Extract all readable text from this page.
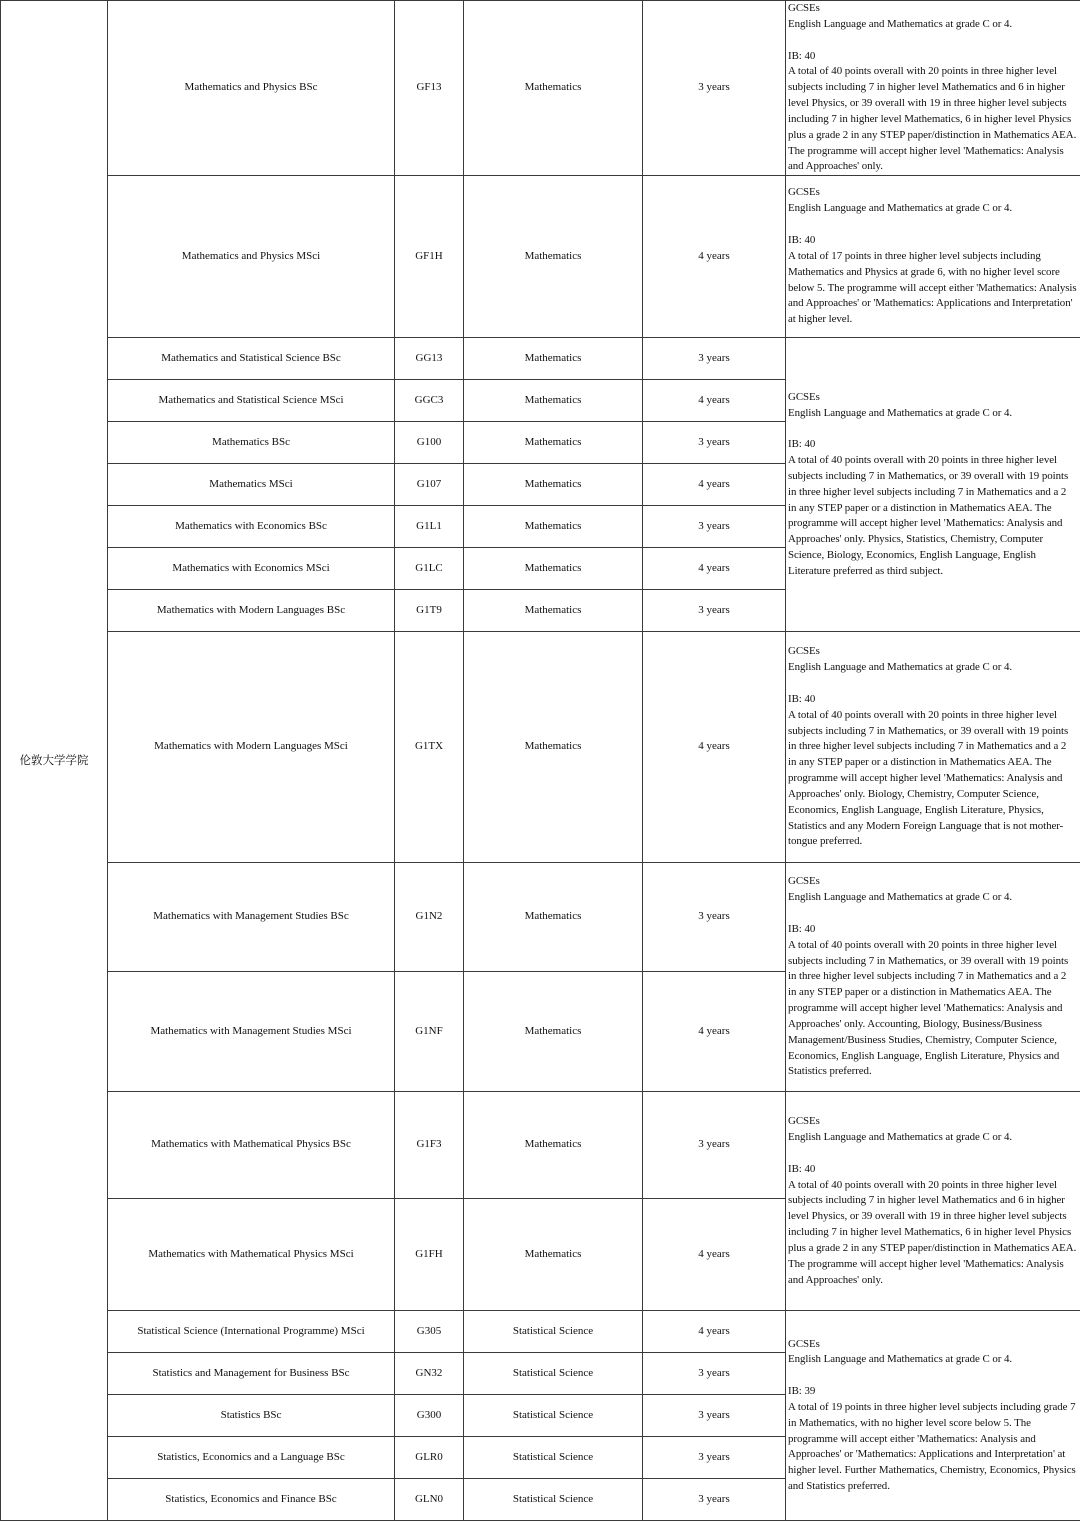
伦敦大学学院	Mathematics and Physics BSc	GF13	Mathematics	3 years	GCSEs
English Language and Mathematics at grade C or 4.

IB: 40
A total of 40 points overall with 20 points in three higher level subjects including 7 in higher level Mathematics and 6 in higher level Physics, or 39 overall with 19 in three higher level subjects including 7 in higher level Mathematics, 6 in higher level Physics plus a grade 2 in any STEP paper/distinction in Mathematics AEA. The programme will accept higher level 'Mathematics: Analysis and Approaches' only.
	Mathematics and Physics MSci	GF1H	Mathematics	4 years	GCSEs
English Language and Mathematics at grade C or 4.

IB: 40
A total of 17 points in three higher level subjects including Mathematics and Physics at grade 6, with no higher level score below 5. The programme will accept either 'Mathematics: Analysis and Approaches' or 'Mathematics: Applications and Interpretation' at higher level.
	Mathematics and Statistical Science BSc	GG13	Mathematics	3 years	GCSEs
English Language and Mathematics at grade C or 4.

IB: 40
A total of 40 points overall with 20 points in three higher level subjects including 7 in Mathematics, or 39 overall with 19 points in three higher level subjects including 7 in Mathematics and a 2 in any STEP paper or a distinction in Mathematics AEA. The programme will accept higher level 'Mathematics: Analysis and Approaches' only. Physics, Statistics, Chemistry, Computer Science, Biology, Economics, English Language, English Literature preferred as third subject.
	Mathematics and Statistical Science MSci	GGC3	Mathematics	4 years	
	Mathematics BSc	G100	Mathematics	3 years	
	Mathematics MSci	G107	Mathematics	4 years	
	Mathematics with Economics BSc	G1L1	Mathematics	3 years	
	Mathematics with Economics MSci	G1LC	Mathematics	4 years	
	Mathematics with Modern Languages BSc	G1T9	Mathematics	3 years	
	Mathematics with Modern Languages MSci	G1TX	Mathematics	4 years	GCSEs
English Language and Mathematics at grade C or 4.

IB: 40
A total of 40 points overall with 20 points in three higher level subjects including 7 in Mathematics, or 39 overall with 19 points in three higher level subjects including 7 in Mathematics and a 2 in any STEP paper or a distinction in Mathematics AEA. The programme will accept higher level 'Mathematics: Analysis and Approaches' only. Biology, Chemistry, Computer Science, Economics, English Language, English Literature, Physics, Statistics and any Modern Foreign Language that is not mother-tongue preferred.
	Mathematics with Management Studies BSc	G1N2	Mathematics	3 years	GCSEs
English Language and Mathematics at grade C or 4.

IB: 40
A total of 40 points overall with 20 points in three higher level subjects including 7 in Mathematics, or 39 overall with 19 points in three higher level subjects including 7 in Mathematics and a 2 in any STEP paper or a distinction in Mathematics AEA. The programme will accept higher level 'Mathematics: Analysis and Approaches' only. Accounting, Biology, Business/Business Management/Business Studies, Chemistry, Computer Science, Economics, English Language, English Literature, Physics and Statistics preferred.
	Mathematics with Management Studies MSci	G1NF	Mathematics	4 years	
	Mathematics with Mathematical Physics BSc	G1F3	Mathematics	3 years	GCSEs
English Language and Mathematics at grade C or 4.

IB: 40
A total of 40 points overall with 20 points in three higher level subjects including 7 in higher level Mathematics and 6 in higher level Physics, or 39 overall with 19 in three higher level subjects including 7 in higher level Mathematics, 6 in higher level Physics plus a grade 2 in any STEP paper/distinction in Mathematics AEA. The programme will accept higher level 'Mathematics: Analysis and Approaches' only.
	Mathematics with Mathematical Physics MSci	G1FH	Mathematics	4 years	
	Statistical Science (International Programme) MSci	G305	Statistical Science	4 years	GCSEs
English Language and Mathematics at grade C or 4.

IB: 39
A total of 19 points in three higher level subjects including grade 7 in Mathematics, with no higher level score below 5. The programme will accept either 'Mathematics: Analysis and Approaches' or 'Mathematics: Applications and Interpretation' at higher level. Further Mathematics, Chemistry, Economics, Physics and Statistics preferred.
	Statistics and Management for Business BSc	GN32	Statistical Science	3 years	
	Statistics BSc	G300	Statistical Science	3 years	
	Statistics, Economics and a Language BSc	GLR0	Statistical Science	3 years	
	Statistics, Economics and Finance BSc	GLN0	Statistical Science	3 years	
